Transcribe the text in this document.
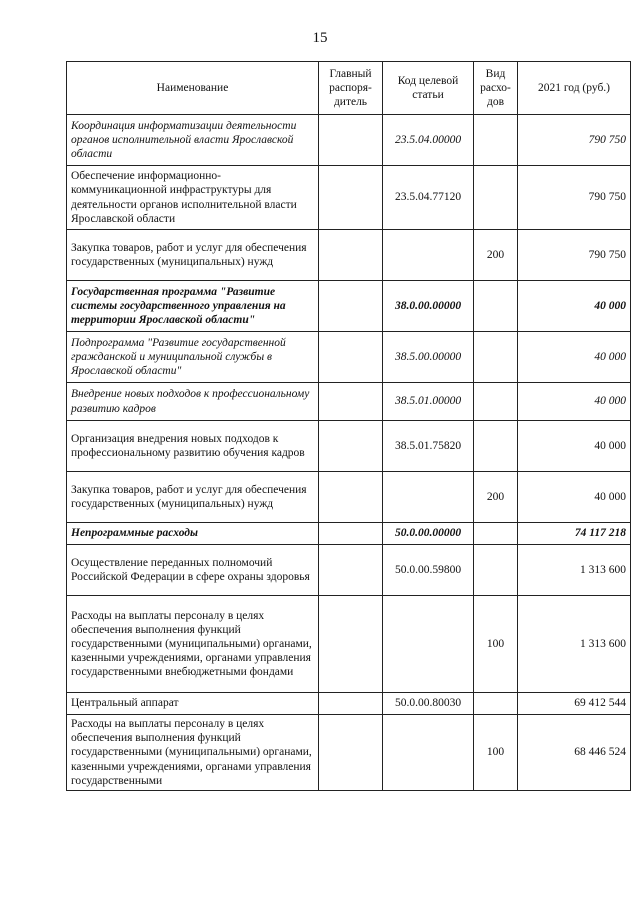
15
Наименование	Главный распоря-дитель	Код целевой статьи	Вид расхо-дов	2021 год (руб.)
Координация информатизации деятельности органов исполнительной власти Ярославской области		23.5.04.00000		790 750
Обеспечение информационно-коммуникационной инфраструктуры для деятельности органов исполнительной власти Ярославской области		23.5.04.77120		790 750
Закупка товаров, работ и услуг для обеспечения государственных (муниципальных) нужд			200	790 750
Государственная программа "Развитие системы государственного управления на территории Ярославской области"		38.0.00.00000		40 000
Подпрограмма "Развитие государственной гражданской и муниципальной службы в Ярославской области"		38.5.00.00000		40 000
Внедрение новых подходов к профессиональному развитию кадров		38.5.01.00000		40 000
Организация внедрения новых подходов к профессиональному развитию обучения кадров		38.5.01.75820		40 000
Закупка товаров, работ и услуг для обеспечения государственных (муниципальных) нужд			200	40 000
Непрограммные расходы		50.0.00.00000		74 117 218
Осуществление переданных полномочий Российской Федерации в сфере охраны здоровья		50.0.00.59800		1 313 600
Расходы на выплаты персоналу в целях обеспечения выполнения функций государственными (муниципальными) органами, казенными учреждениями, органами управления государственными внебюджетными фондами			100	1 313 600
Центральный аппарат		50.0.00.80030		69 412 544
Расходы на выплаты персоналу в целях обеспечения выполнения функций государственными (муниципальными) органами, казенными учреждениями, органами управления государственными			100	68 446 524
